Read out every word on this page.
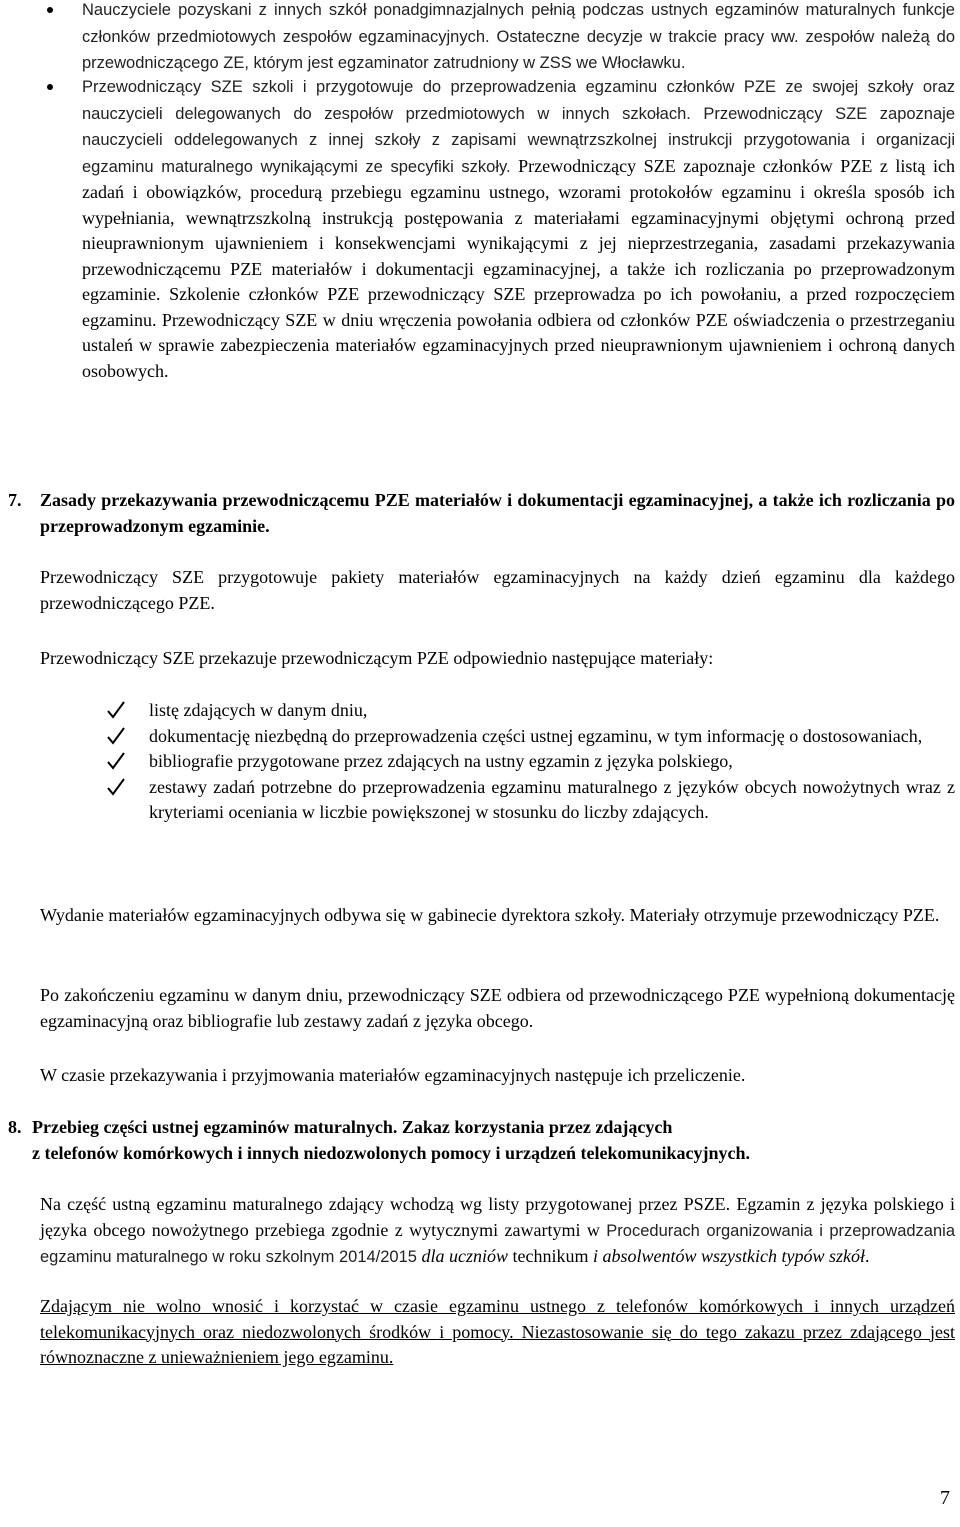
Nauczyciele pozyskani z innych szkół ponadgimnazjalnych pełnią podczas ustnych egzaminów maturalnych funkcje członków przedmiotowych zespołów egzaminacyjnych. Ostateczne decyzje w trakcie pracy ww. zespołów należą do przewodniczącego ZE, którym jest egzaminator zatrudniony w ZSS we Włocławku.
Przewodniczący SZE szkoli i przygotowuje do przeprowadzenia egzaminu członków PZE ze swojej szkoły oraz nauczycieli delegowanych do zespołów przedmiotowych w innych szkołach. Przewodniczący SZE zapoznaje nauczycieli oddelegowanych z innej szkoły z zapisami wewnątrzszkolnej instrukcji przygotowania i organizacji egzaminu maturalnego wynikającymi ze specyfiki szkoły. Przewodniczący SZE zapoznaje członków PZE z listą ich zadań i obowiązków, procedurą przebiegu egzaminu ustnego, wzorami protokołów egzaminu i określa sposób ich wypełniania, wewnątrzszkolną instrukcją postępowania z materiałami egzaminacyjnymi objętymi ochroną przed nieuprawnionym ujawnieniem i konsekwencjami wynikającymi z jej nieprzestrzegania, zasadami przekazywania przewodniczącemu PZE materiałów i dokumentacji egzaminacyjnej, a także ich rozliczania po przeprowadzonym egzaminie. Szkolenie członków PZE przewodniczący SZE przeprowadza po ich powołaniu, a przed rozpoczęciem egzaminu. Przewodniczący SZE w dniu wręczenia powołania odbiera od członków PZE oświadczenia o przestrzeganiu ustaleń w sprawie zabezpieczenia materiałów egzaminacyjnych przed nieuprawnionym ujawnieniem i ochroną danych osobowych.
7. Zasady przekazywania przewodniczącemu PZE materiałów i dokumentacji egzaminacyjnej, a także ich rozliczania po przeprowadzonym egzaminie.

Przewodniczący SZE przygotowuje pakiety materiałów egzaminacyjnych na każdy dzień egzaminu dla każdego przewodniczącego PZE.

Przewodniczący SZE przekazuje przewodniczącym PZE odpowiednio następujące materiały:

listę zdających w danym dniu,
dokumentację niezbędną do przeprowadzenia części ustnej egzaminu, w tym informację o dostosowaniach,
bibliografie przygotowane przez zdających na ustny egzamin z języka polskiego,
zestawy zadań potrzebne do przeprowadzenia egzaminu maturalnego z języków obcych nowożytnych wraz z kryteriami oceniania w liczbie powiększonej w stosunku do liczby zdających.

Wydanie materiałów egzaminacyjnych odbywa się w gabinecie dyrektora szkoły. Materiały otrzymuje przewodniczący PZE.

Po zakończeniu egzaminu w danym dniu, przewodniczący SZE odbiera od przewodniczącego PZE wypełnioną dokumentację egzaminacyjną oraz bibliografie lub zestawy zadań z języka obcego.

W czasie przekazywania i przyjmowania materiałów egzaminacyjnych następuje ich przeliczenie.

8. Przebieg części ustnej egzaminów maturalnych. Zakaz korzystania przez zdających
z telefonów komórkowych i innych niedozwolonych pomocy i urządzeń telekomunikacyjnych.

Na część ustną egzaminu maturalnego zdający wchodzą wg listy przygotowanej przez PSZE. Egzamin z języka polskiego i języka obcego nowożytnego przebiega zgodnie z wytycznymi zawartymi w Procedurach organizowania i przeprowadzania egzaminu maturalnego w roku szkolnym 2014/2015 dla uczniów technikum i absolwentów wszystkich typów szkół.

Zdającym nie wolno wnosić i korzystać w czasie egzaminu ustnego z telefonów komórkowych i innych urządzeń telekomunikacyjnych oraz niedozwolonych środków i pomocy. Niezastosowanie się do tego zakazu przez zdającego jest równoznaczne z unieważnieniem jego egzaminu.

7
